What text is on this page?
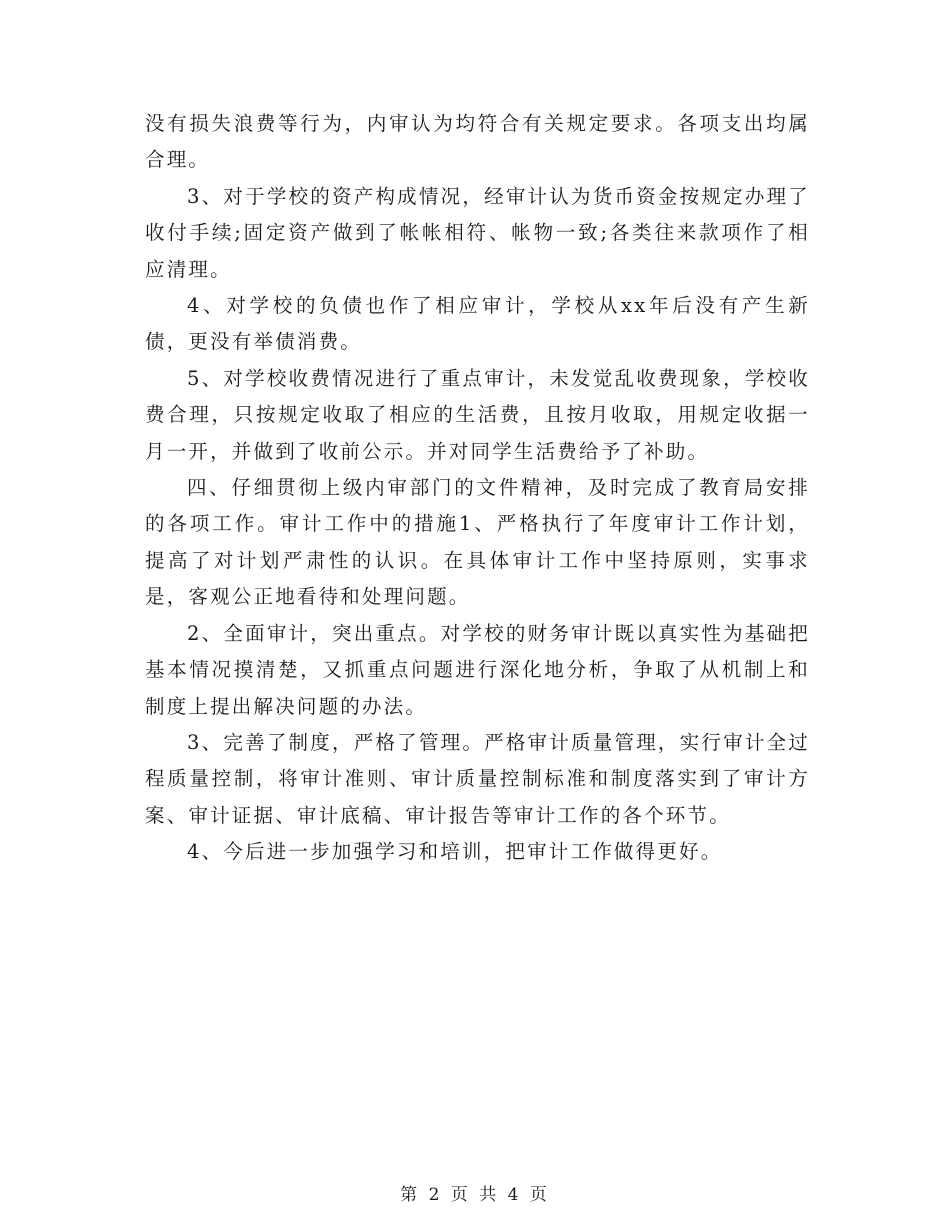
没有损失浪费等行为，内审认为均符合有关规定要求。各项支出均属合理。

3、对于学校的资产构成情况，经审计认为货币资金按规定办理了收付手续;固定资产做到了帐帐相符、帐物一致;各类往来款项作了相应清理。

4、对学校的负债也作了相应审计，学校从xx年后没有产生新债，更没有举债消费。

5、对学校收费情况进行了重点审计，未发觉乱收费现象，学校收费合理，只按规定收取了相应的生活费，且按月收取，用规定收据一月一开，并做到了收前公示。并对同学生活费给予了补助。

四、仔细贯彻上级内审部门的文件精神，及时完成了教育局安排的各项工作。审计工作中的措施1、严格执行了年度审计工作计划，提高了对计划严肃性的认识。在具体审计工作中坚持原则，实事求是，客观公正地看待和处理问题。

2、全面审计，突出重点。对学校的财务审计既以真实性为基础把基本情况摸清楚，又抓重点问题进行深化地分析，争取了从机制上和制度上提出解决问题的办法。

3、完善了制度，严格了管理。严格审计质量管理，实行审计全过程质量控制，将审计准则、审计质量控制标准和制度落实到了审计方案、审计证据、审计底稿、审计报告等审计工作的各个环节。

4、今后进一步加强学习和培训，把审计工作做得更好。

第 2 页 共 4 页
